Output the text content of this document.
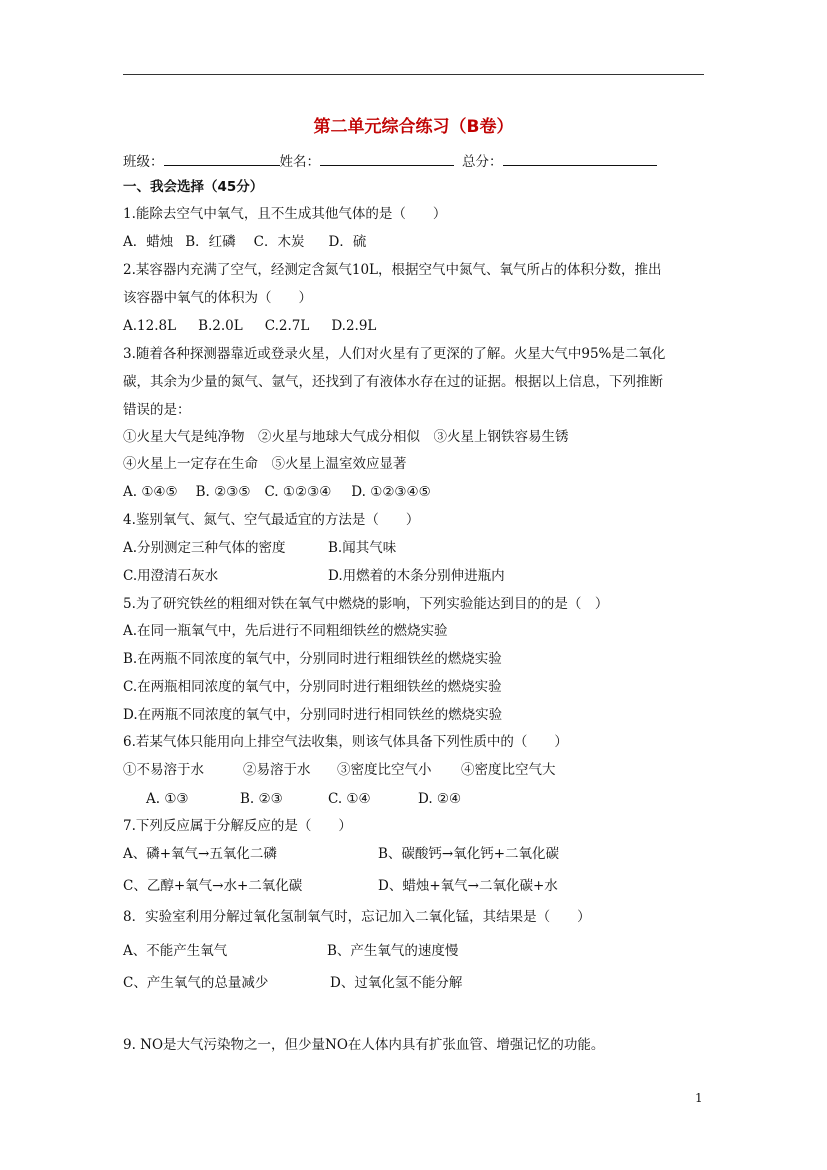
第二单元综合练习（B卷）
班级：	姓名：	总分：
一、我会选择（45分）
1.能除去空气中氧气，且不生成其他气体的是（　　）
A．蜡烛 B．红磷 C．木炭 D．硫
2.某容器内充满了空气，经测定含氮气10L，根据空气中氮气、氧气所占的体积分数，推出
该容器中氧气的体积为（　　）
A.12.8L B.2.0L C.2.7L D.2.9L
3.随着各种探测器靠近或登录火星，人们对火星有了更深的了解。火星大气中95%是二氧化
碳，其余为少量的氮气、氩气，还找到了有液体水存在过的证据。根据以上信息，下列推断
错误的是：
①火星大气是纯净物　②火星与地球大气成分相似　③火星上钢铁容易生锈
④火星上一定存在生命　⑤火星上温室效应显著
A. ①④⑤ B. ②③⑤ C. ①②③④ D. ①②③④⑤
4.鉴别氧气、氮气、空气最适宜的方法是（　　）
A.分别测定三种气体的密度	B.闻其气味
C.用澄清石灰水	D.用燃着的木条分别伸进瓶内
5.为了研究铁丝的粗细对铁在氧气中燃烧的影响，下列实验能达到目的的是（　）
A.在同一瓶氧气中，先后进行不同粗细铁丝的燃烧实验
B.在两瓶不同浓度的氧气中，分别同时进行粗细铁丝的燃烧实验
C.在两瓶相同浓度的氧气中，分别同时进行粗细铁丝的燃烧实验
D.在两瓶不同浓度的氧气中，分别同时进行相同铁丝的燃烧实验
6.若某气体只能用向上排空气法收集，则该气体具备下列性质中的（　　）
①不易溶于水	②易溶于水 ③密度比空气小 ④密度比空气大
A. ①③	B. ②③	C. ①④	D. ②④
7.下列反应属于分解反应的是（　　）
A、磷+氧气→五氧化二磷	B、碳酸钙→氧化钙+二氧化碳
C、乙醇+氧气→水+二氧化碳	D、蜡烛+氧气→二氧化碳+水
8．实验室利用分解过氧化氢制氧气时，忘记加入二氧化锰，其结果是（　　）
A、不能产生氧气	B、产生氧气的速度慢
C、产生氧气的总量减少	D、过氧化氢不能分解
9. NO是大气污染物之一，但少量NO在人体内具有扩张血管、增强记忆的功能。
1
